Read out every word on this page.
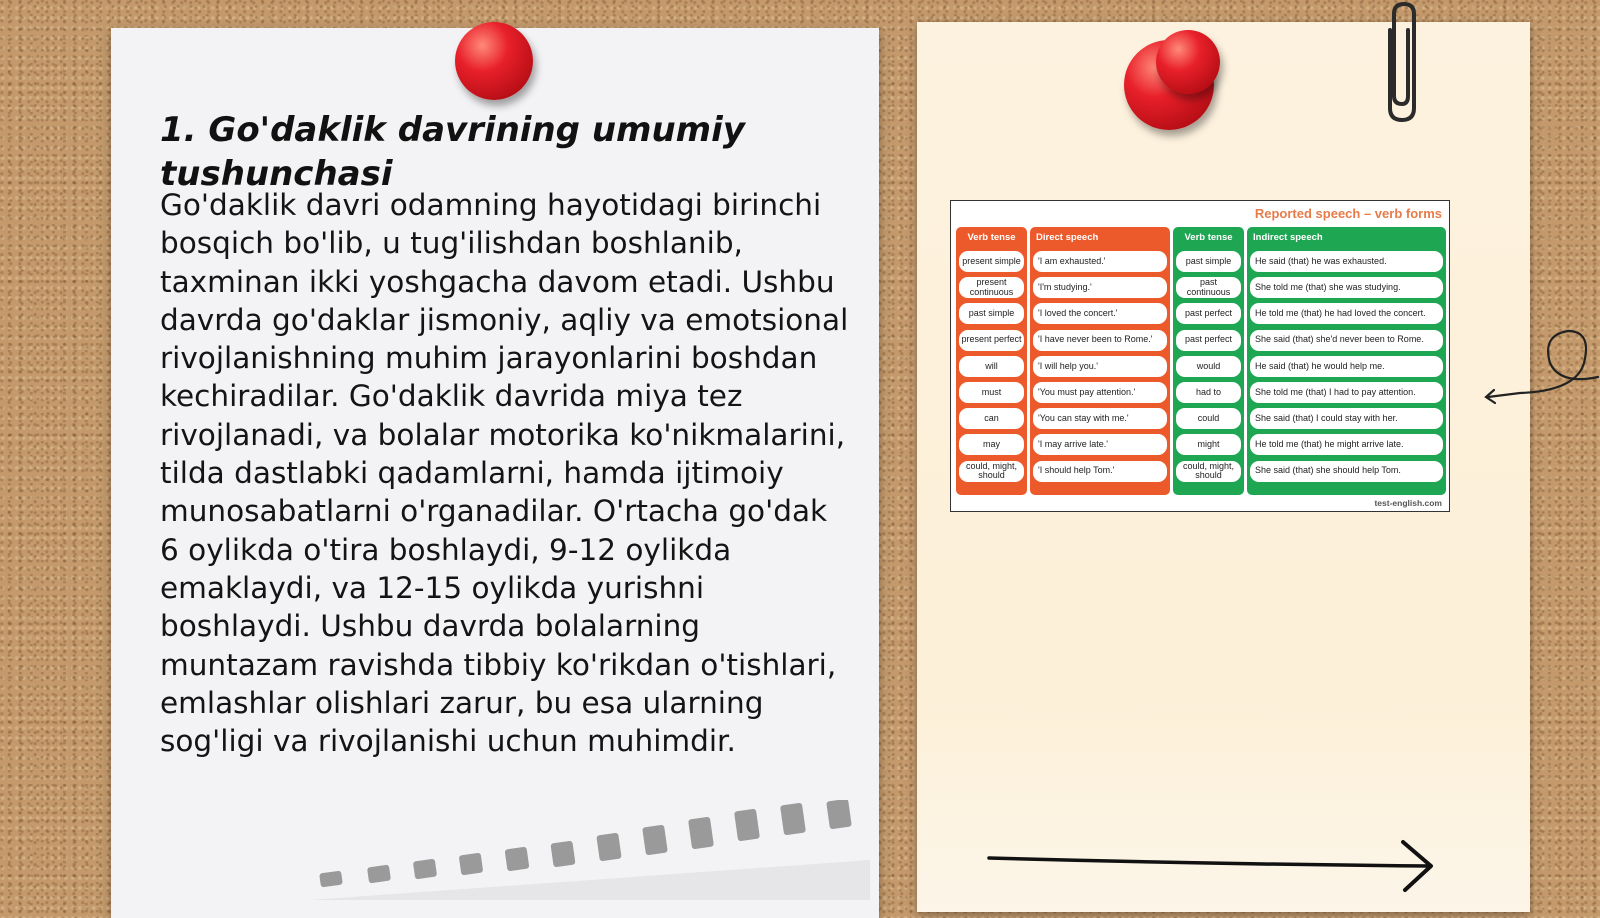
1. Go'daklik davrining umumiy tushunchasi

Go'daklik davri odamning hayotidagi birinchi bosqich bo'lib, u tug'ilishdan boshlanib, taxminan ikki yoshgacha davom etadi. Ushbu davrda go'daklar jismoniy, aqliy va emotsional rivojlanishning muhim jarayonlarini boshdan kechiradilar. Go'daklik davrida miya tez rivojlanadi, va bolalar motorika ko'nikmalarini, tilda dastlabki qadamlarni, hamda ijtimoiy munosabatlarni o'rganadilar. O'rtacha go'dak 6 oylikda o'tira boshlaydi, 9-12 oylikda emaklaydi, va 12-15 oylikda yurishni boshlaydi. Ushbu davrda bolalarning muntazam ravishda tibbiy ko'rikdan o'tishlari, emlashlar olishlari zarur, bu esa ularning sog'ligi va rivojlanishi uchun muhimdir.

Reported speech – verb forms
Verb tense
present simple
present continuous
past simple
present perfect
will
must
can
may
could, might, should
Direct speech
'I am exhausted.'
'I'm studying.'
'I loved the concert.'
'I have never been to Rome.'
'I will help you.'
'You must pay attention.'
'You can stay with me.'
'I may arrive late.'
'I should help Tom.'
Verb tense
past simple
past continuous
past perfect
past perfect
would
had to
could
might
could, might, should
Indirect speech
He said (that) he was exhausted.
She told me (that) she was studying.
He told me (that) he had loved the concert.
She said (that) she'd never been to Rome.
He said (that) he would help me.
She told me (that) I had to pay attention.
She said (that) I could stay with her.
He told me (that) he might arrive late.
She said (that) she should help Tom.
test-english.com
